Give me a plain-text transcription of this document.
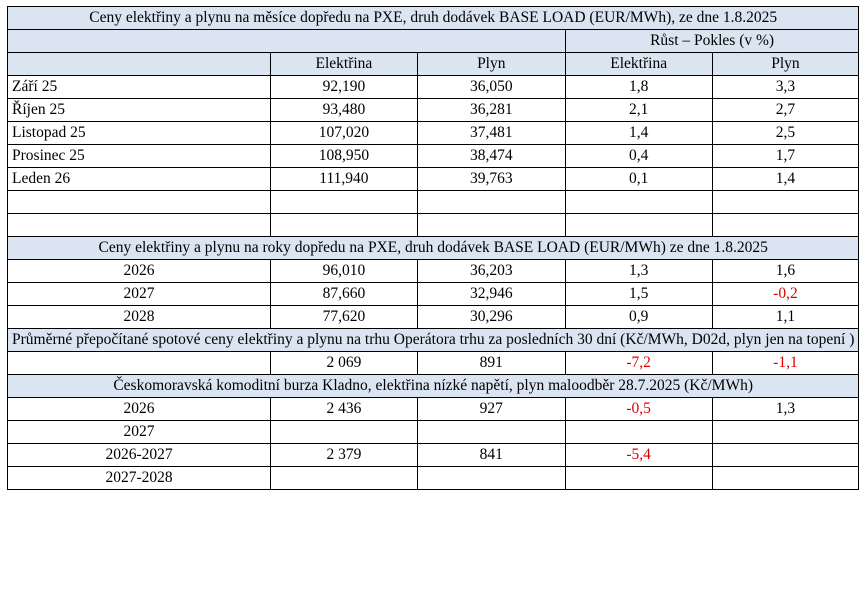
Ceny elektřiny a plynu na měsíce dopředu na PXE, druh dodávek BASE LOAD (EUR/MWh), ze dne 1.8.2025				
			Růst – Pokles (v %)	
	Elektřina	Plyn	Elektřina	Plyn
Září 25	92,190	36,050	1,8	3,3
Říjen 25	93,480	36,281	2,1	2,7
Listopad 25	107,020	37,481	1,4	2,5
Prosinec 25	108,950	38,474	0,4	1,7
Leden 26	111,940	39,763	0,1	1,4

Ceny elektřiny a plynu na roky dopředu na PXE, druh dodávek BASE LOAD (EUR/MWh) ze dne 1.8.2025				
2026	96,010	36,203	1,3	1,6
2027	87,660	32,946	1,5	-0,2
2028	77,620	30,296	0,9	1,1
Průměrné přepočítané spotové ceny elektřiny a plynu na trhu Operátora trhu za posledních 30 dní (Kč/MWh, D02d, plyn jen na topení )				
	2 069	891	-7,2	-1,1
Českomoravská komoditní burza Kladno, elektřina nízké napětí, plyn maloodběr 28.7.2025 (Kč/MWh)				
2026	2 436	927	-0,5	1,3
2027				
2026-2027	2 379	841	-5,4	
2027-2028				
